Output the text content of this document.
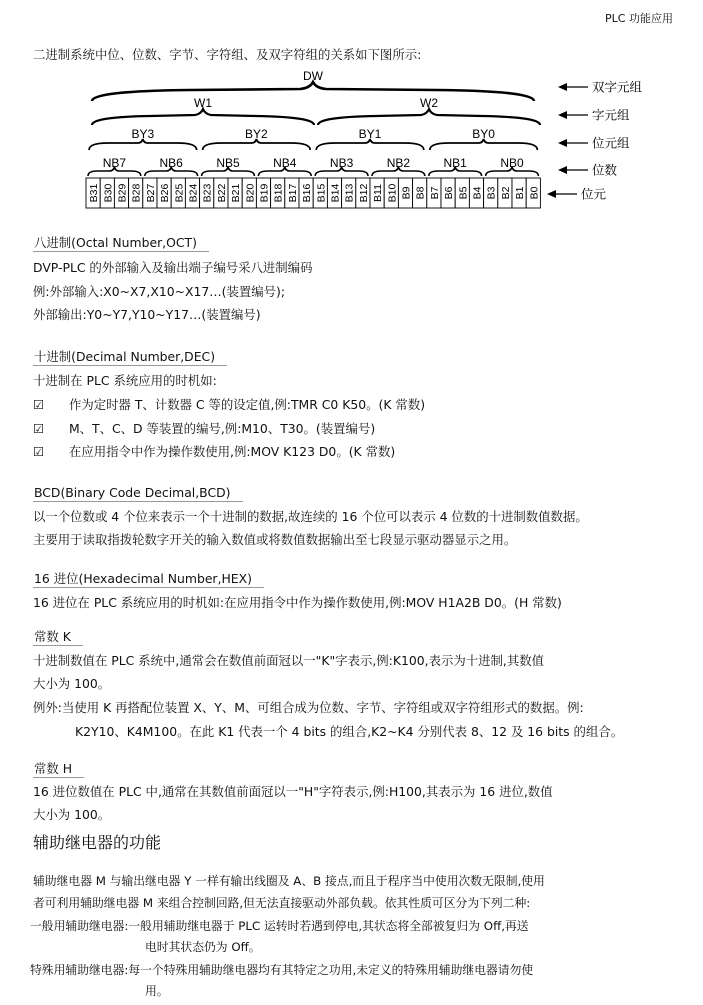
PLC 功能应用
二进制系统中位、位数、字节、字符组、及双字符组的关系如下图所示:
DW
W1	W2
BY3	BY2	BY1	BY0
NB7	NB6	NB5	NB4	NB3	NB2	NB1	NB0
B31 B30 B29 B28 B27 B26 B25 B24 B23 B22 B21 B20 B19 B18 B17 B16 B15 B14 B13 B12 B11 B10 B9 B8 B7 B6 B5 B4 B3 B2 B1 B0
双字元组
字元组
位元组
位数
位元
八进制(Octal Number,OCT)
DVP-PLC 的外部输入及输出端子编号采八进制编码
例:外部输入:X0~X7,X10~X17…(装置编号);
外部输出:Y0~Y7,Y10~Y17…(装置编号)
十进制(Decimal Number,DEC)
十进制在 PLC 系统应用的时机如:
☑ 作为定时器 T、计数器 C 等的设定值,例:TMR C0 K50。(K 常数)
☑ M、T、C、D 等装置的编号,例:M10、T30。(装置编号)
☑ 在应用指令中作为操作数使用,例:MOV K123 D0。(K 常数)
BCD(Binary Code Decimal,BCD)
以一个位数或 4 个位来表示一个十进制的数据,故连续的 16 个位可以表示 4 位数的十进制数值数据。
主要用于读取指拨轮数字开关的输入数值或将数值数据输出至七段显示驱动器显示之用。
16 进位(Hexadecimal Number,HEX)
16 进位在 PLC 系统应用的时机如:在应用指令中作为操作数使用,例:MOV H1A2B D0。(H 常数)
常数 K
十进制数值在 PLC 系统中,通常会在数值前面冠以一"K"字表示,例:K100,表示为十进制,其数值
大小为 100。
例外:当使用 K 再搭配位装置 X、Y、M、可组合成为位数、字节、字符组或双字符组形式的数据。例:
K2Y10、K4M100。在此 K1 代表一个 4 bits 的组合,K2~K4 分别代表 8、12 及 16 bits 的组合。
常数 H
16 进位数值在 PLC 中,通常在其数值前面冠以一"H"字符表示,例:H100,其表示为 16 进位,数值
大小为 100。
辅助继电器的功能
辅助继电器 M 与输出继电器 Y 一样有输出线圈及 A、B 接点,而且于程序当中使用次数无限制,使用
者可利用辅助继电器 M 来组合控制回路,但无法直接驱动外部负载。依其性质可区分为下列二种:
一般用辅助继电器:一般用辅助继电器于 PLC 运转时若遇到停电,其状态将全部被复归为 Off,再送
电时其状态仍为 Off。
特殊用辅助继电器:每一个特殊用辅助继电器均有其特定之功用,未定义的特殊用辅助继电器请勿使
用。
